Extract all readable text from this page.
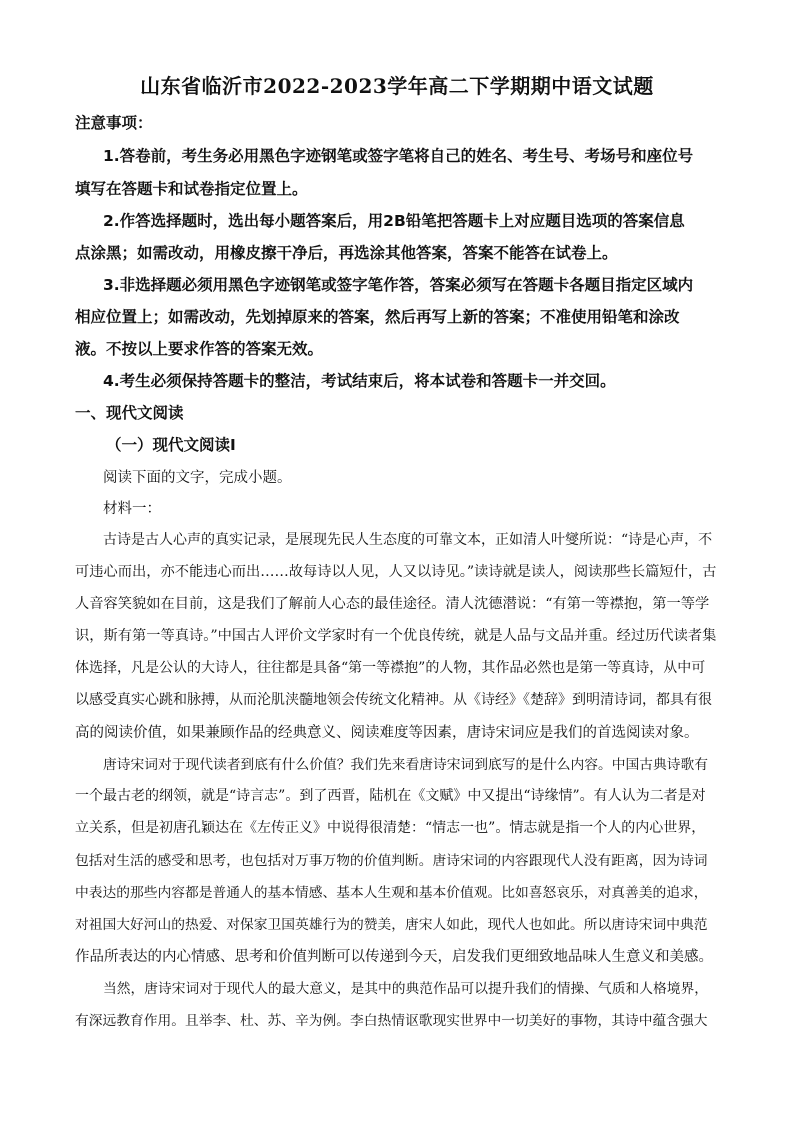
山东省临沂市2022-2023学年高二下学期期中语文试题
注意事项：
1.答卷前，考生务必用黑色字迹钢笔或签字笔将自己的姓名、考生号、考场号和座位号
填写在答题卡和试卷指定位置上。
2.作答选择题时，选出每小题答案后，用2B铅笔把答题卡上对应题目选项的答案信息
点涂黑；如需改动，用橡皮擦干净后，再选涂其他答案，答案不能答在试卷上。
3.非选择题必须用黑色字迹钢笔或签字笔作答，答案必须写在答题卡各题目指定区域内
相应位置上；如需改动，先划掉原来的答案，然后再写上新的答案；不准使用铅笔和涂改
液。不按以上要求作答的答案无效。
4.考生必须保持答题卡的整洁，考试结束后，将本试卷和答题卡一并交回。
一、现代文阅读
（一）现代文阅读Ⅰ
阅读下面的文字，完成小题。
材料一：
古诗是古人心声的真实记录，是展现先民人生态度的可靠文本，正如清人叶燮所说：“诗是心声，不
可违心而出，亦不能违心而出……故每诗以人见，人又以诗见。”读诗就是读人，阅读那些长篇短什，古
人音容笑貌如在目前，这是我们了解前人心态的最佳途径。清人沈德潜说：“有第一等襟抱，第一等学
识，斯有第一等真诗。”中国古人评价文学家时有一个优良传统，就是人品与文品并重。经过历代读者集
体选择，凡是公认的大诗人，往往都是具备“第一等襟抱”的人物，其作品必然也是第一等真诗，从中可
以感受真实心跳和脉搏，从而沦肌浃髓地领会传统文化精神。从《诗经》《楚辞》到明清诗词，都具有很
高的阅读价值，如果兼顾作品的经典意义、阅读难度等因素，唐诗宋词应是我们的首选阅读对象。
唐诗宋词对于现代读者到底有什么价值？我们先来看唐诗宋词到底写的是什么内容。中国古典诗歌有
一个最古老的纲领，就是“诗言志”。到了西晋，陆机在《文赋》中又提出“诗缘情”。有人认为二者是对
立关系，但是初唐孔颖达在《左传正义》中说得很清楚：“情志一也”。情志就是指一个人的内心世界，
包括对生活的感受和思考，也包括对万事万物的价值判断。唐诗宋词的内容跟现代人没有距离，因为诗词
中表达的那些内容都是普通人的基本情感、基本人生观和基本价值观。比如喜怒哀乐，对真善美的追求，
对祖国大好河山的热爱、对保家卫国英雄行为的赞美，唐宋人如此，现代人也如此。所以唐诗宋词中典范
作品所表达的内心情感、思考和价值判断可以传递到今天，启发我们更细致地品味人生意义和美感。
当然，唐诗宋词对于现代人的最大意义，是其中的典范作品可以提升我们的情操、气质和人格境界，
有深远教育作用。且举李、杜、苏、辛为例。李白热情讴歌现实世界中一切美好的事物，其诗中蕴含强大
